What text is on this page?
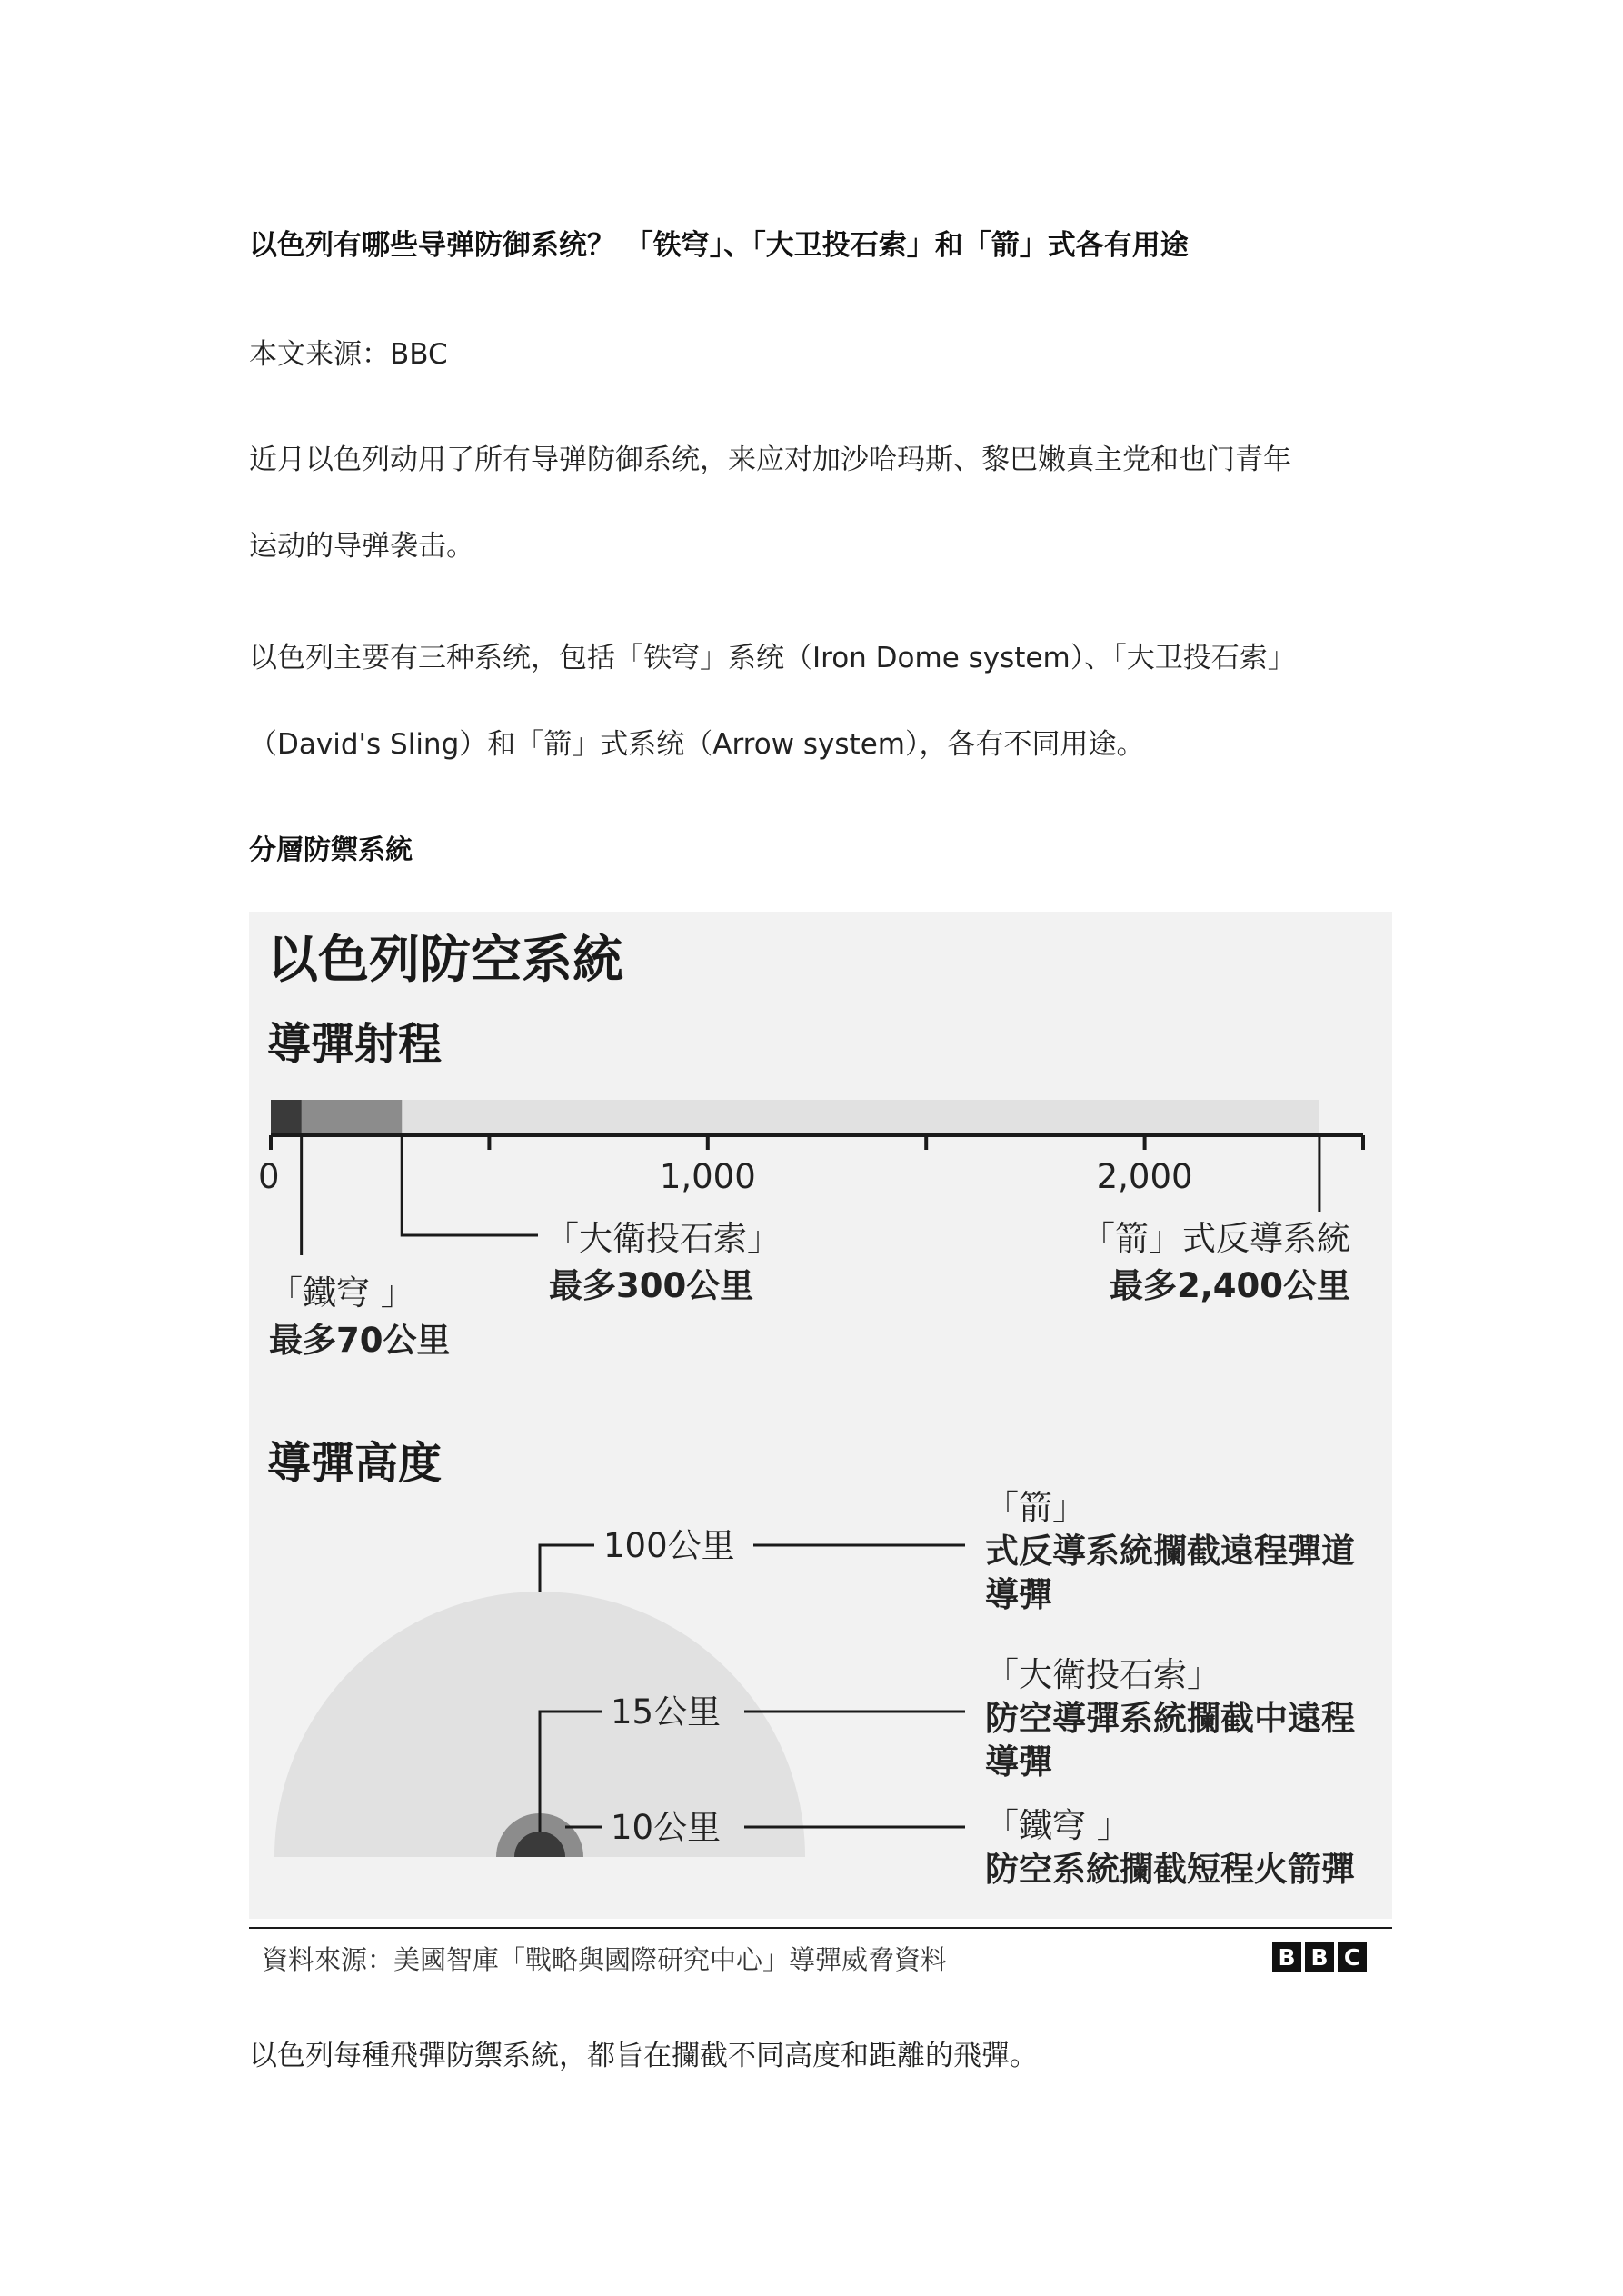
以色列有哪些导弹防御系统？ 「铁穹」、「大卫投石索」和「箭」式各有用途

本文来源：BBC

近月以色列动用了所有导弹防御系统，来应对加沙哈玛斯、黎巴嫩真主党和也门青年

运动的导弹袭击。

以色列主要有三种系统，包括「铁穹」系统（Iron Dome system）、「大卫投石索」

（David's Sling）和「箭」式系统（Arrow system），各有不同用途。

分層防禦系統

以色列防空系統
導彈射程
0	1,000	2,000
「鐵穹 」
最多70公里
「大衛投石索」
最多300公里
「箭」式反導系統
最多2,400公里
導彈高度
100公里
「箭」
式反導系統攔截遠程彈道
導彈
15公里
「大衛投石索」
防空導彈系統攔截中遠程
導彈
10公里	「鐵穹 」
防空系統攔截短程火箭彈
資料來源：美國智庫「戰略與國際研究中心」導彈威脅資料	B B C

以色列每種飛彈防禦系統，都旨在攔截不同高度和距離的飛彈。
